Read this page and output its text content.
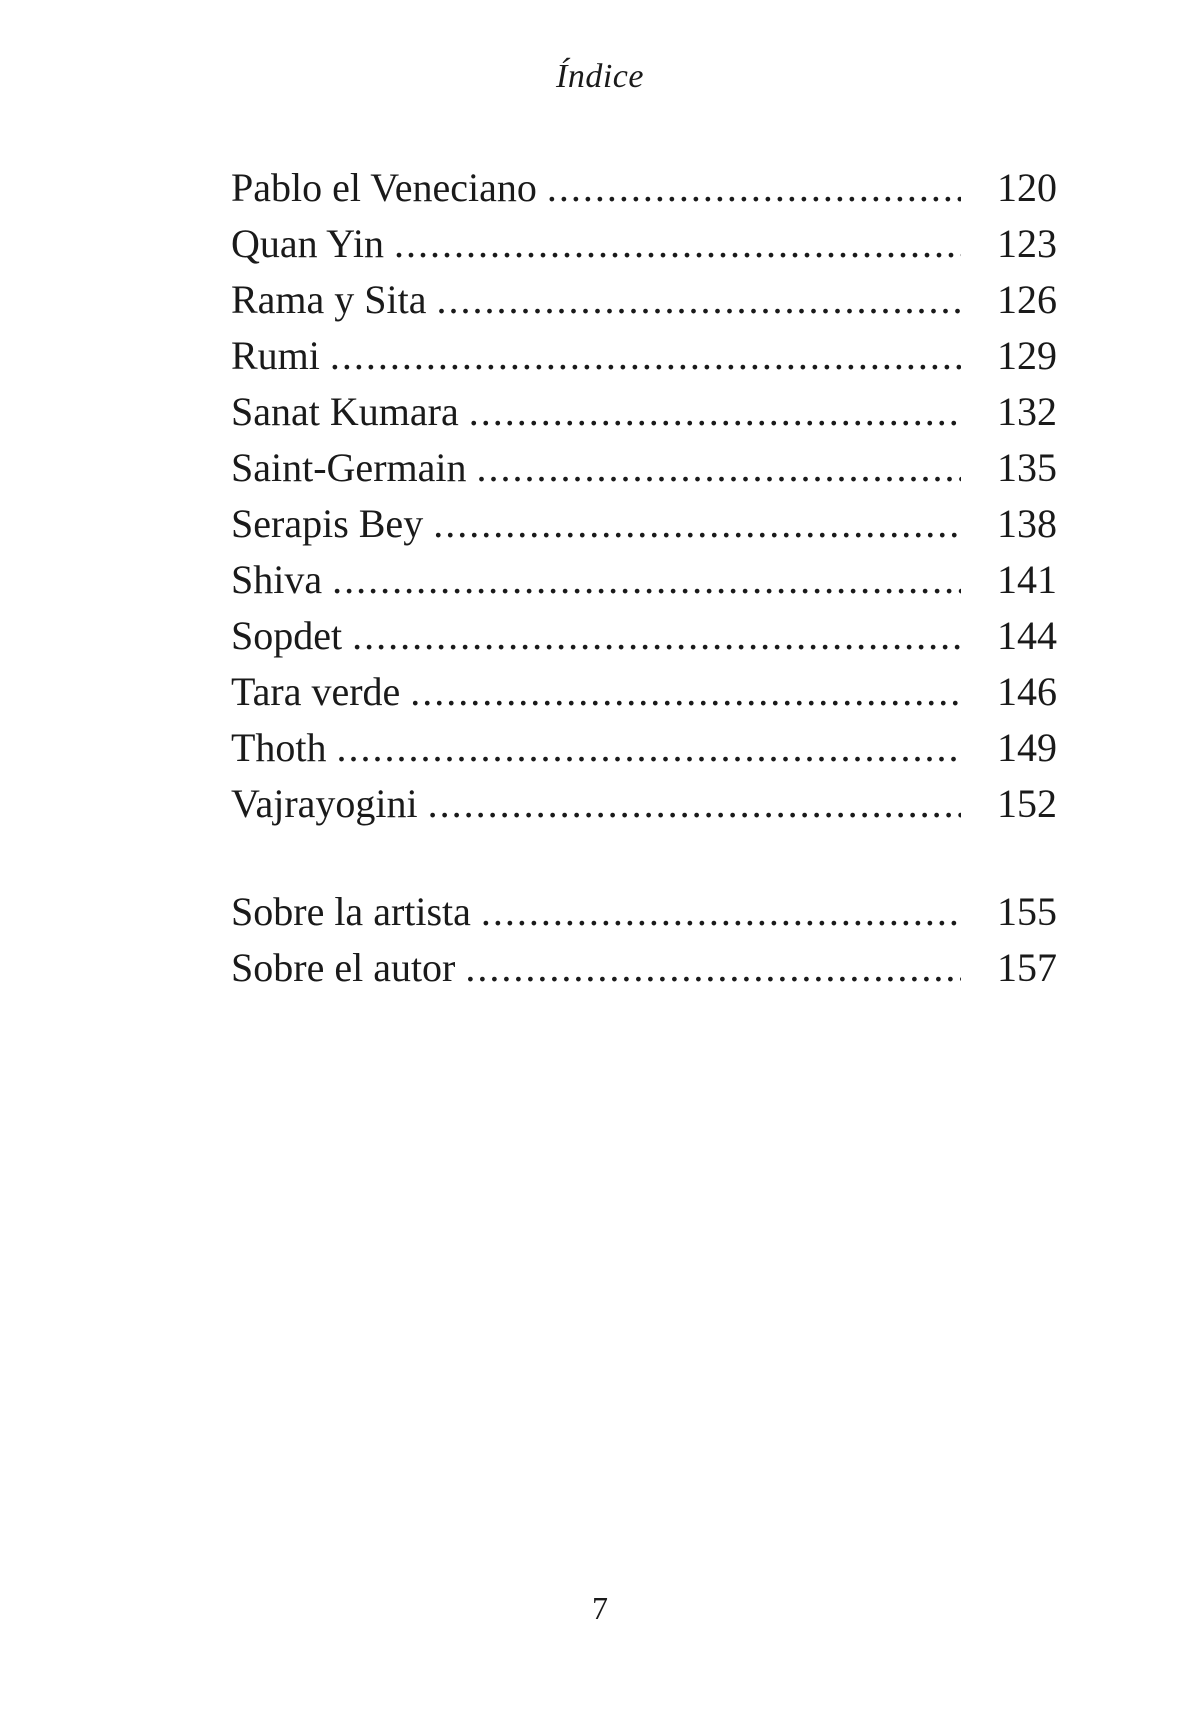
Índice
Pablo el Veneciano .....	120
Quan Yin .....	123
Rama y Sita .....	126
Rumi .....	129
Sanat Kumara .....	132
Saint-Germain .....	135
Serapis Bey .....	138
Shiva .....	141
Sopdet .....	144
Tara verde .....	146
Thoth .....	149
Vajrayogini .....	152
Sobre la artista .....	155
Sobre el autor .....	157
7
